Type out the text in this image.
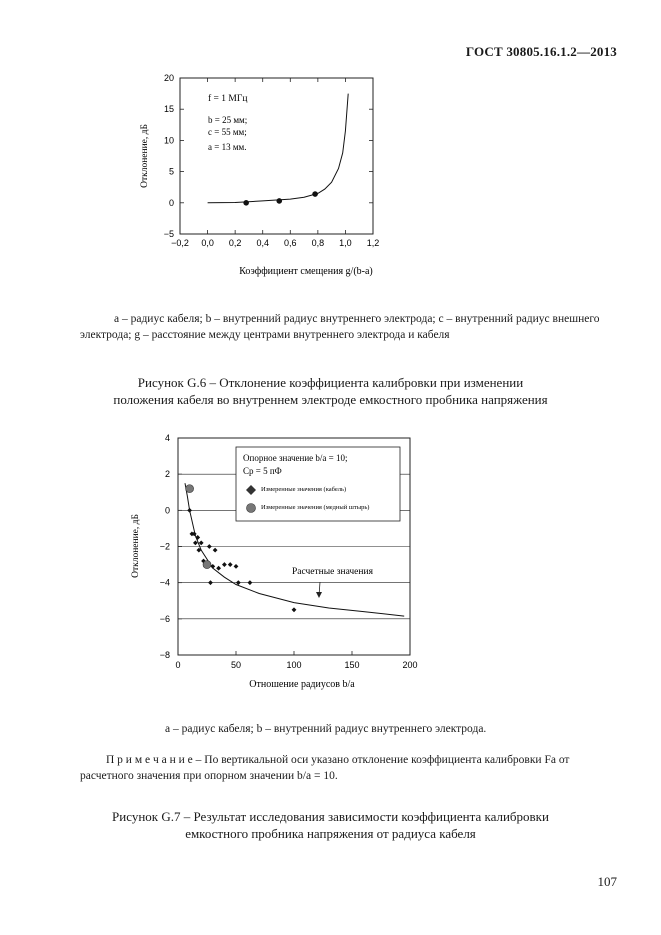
ГОСТ 30805.16.1.2—2013
−0,2 0,0 0,2 0,4 0,6 0,8 1,0 1,2
−5
0
5
10
15
20
f = 1 МГц
b = 25 мм;
c = 55 мм;
a = 13 мм.
Отклонение, дБ
Коэффициент смещения g/(b-a)
a – радиус кабеля; b – внутренний радиус внутреннего электрода; c – внутренний радиус внешнего электрода; g – расстояние между центрами внутреннего электрода и кабеля
Рисунок G.6 – Отклонение коэффициента калибровки при изменении
положения кабеля во внутреннем электроде емкостного пробника напряжения
−8
−6
−4
−2
0
2
4
0	50	100	150	200
Опорное значение b/a = 10;
Cp = 5 пФ
Измеренные значения (кабель)
Измеренные значения (медный штырь)
Расчетные значения
Отклонение, дБ
Отношение радиусов b/a
a – радиус кабеля; b – внутренний радиус внутреннего электрода.
П р и м е ч а н и е – По вертикальной оси указано отклонение коэффициента калибровки Fa от расчетного значения при опорном значении b/a = 10.
Рисунок G.7 – Результат исследования зависимости коэффициента калибровки
емкостного пробника напряжения от радиуса кабеля
107
